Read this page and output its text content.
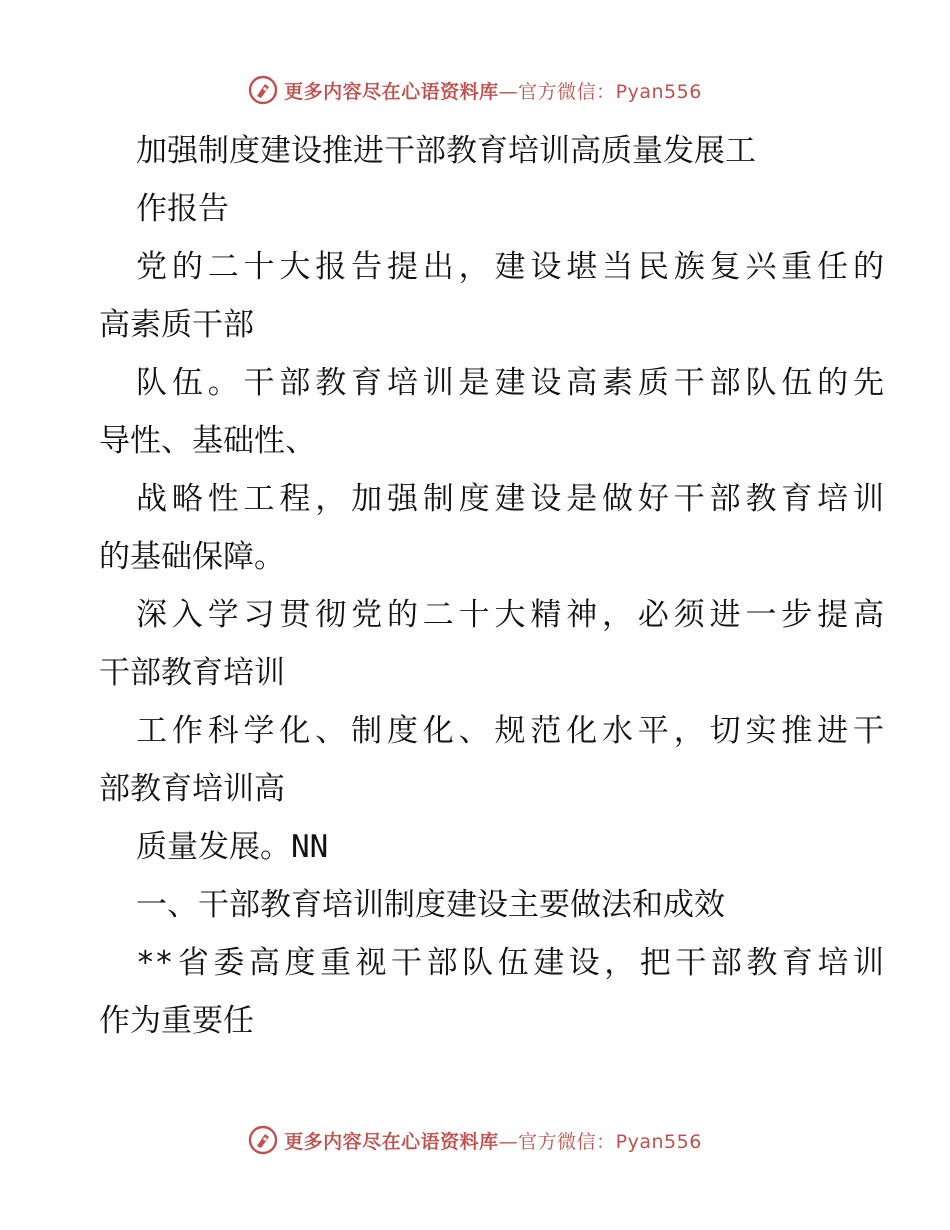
更多内容尽在心语资料库—官方微信：Pyan556
加强制度建设推进干部教育培训高质量发展工
作报告
党的二十大报告提出，建设堪当民族复兴重任的
高素质干部
队伍。干部教育培训是建设高素质干部队伍的先
导性、基础性、
战略性工程，加强制度建设是做好干部教育培训
的基础保障。
深入学习贯彻党的二十大精神，必须进一步提高
干部教育培训
工作科学化、制度化、规范化水平，切实推进干
部教育培训高
质量发展。NN
一、干部教育培训制度建设主要做法和成效
**省委高度重视干部队伍建设，把干部教育培训
作为重要任
更多内容尽在心语资料库—官方微信：Pyan556
